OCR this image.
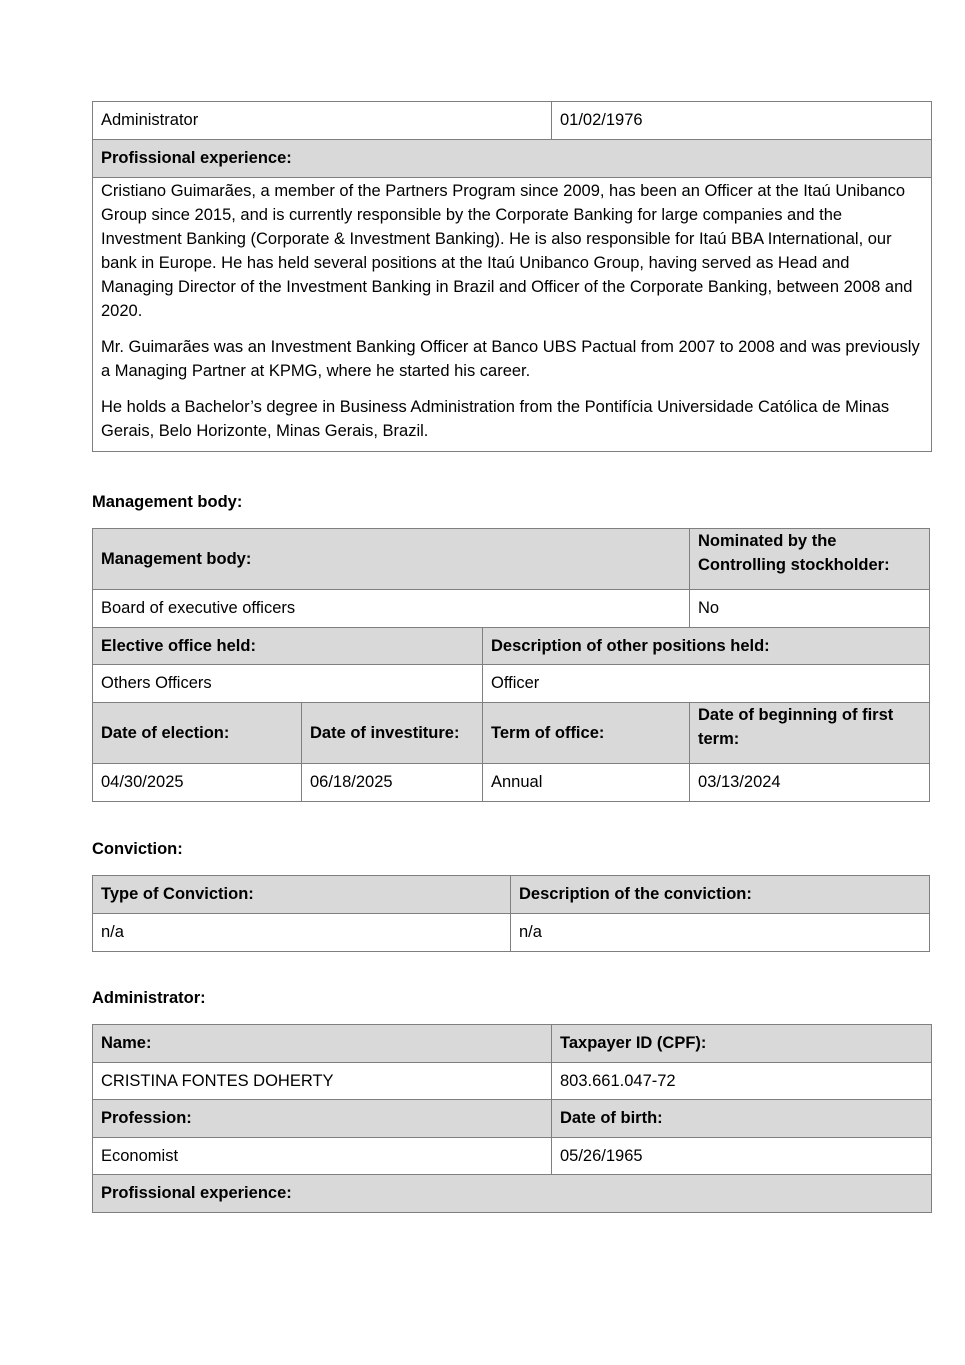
Administrator	01/02/1976
Profissional experience:

Cristiano Guimarães, a member of the Partners Program since 2009, has been an Officer at the Itaú Unibanco Group since 2015, and is currently responsible by the Corporate Banking for large companies and the Investment Banking (Corporate & Investment Banking). He is also responsible for Itaú BBA International, our bank in Europe. He has held several positions at the Itaú Unibanco Group, having served as Head and Managing Director of the Investment Banking in Brazil and Officer of the Corporate Banking, between 2008 and 2020.

Mr. Guimarães was an Investment Banking Officer at Banco UBS Pactual from 2007 to 2008 and was previously a Managing Partner at KPMG, where he started his career.

He holds a Bachelor’s degree in Business Administration from the Pontifícia Universidade Católica de Minas Gerais, Belo Horizonte, Minas Gerais, Brazil.

Management body:
Management body:			Nominated by the Controlling stockholder:
Board of executive officers			No
Elective office held:		Description of other positions held:	
Others Officers		Officer	
Date of election:	Date of investiture:	Term of office:	Date of beginning of first term:
04/30/2025	06/18/2025	Annual	03/13/2024
Conviction:
Type of Conviction:	Description of the conviction:
n/a	n/a
Administrator:
Name:	Taxpayer ID (CPF):
CRISTINA FONTES DOHERTY	803.661.047-72
Profession:	Date of birth:
Economist	05/26/1965
Profissional experience:	
